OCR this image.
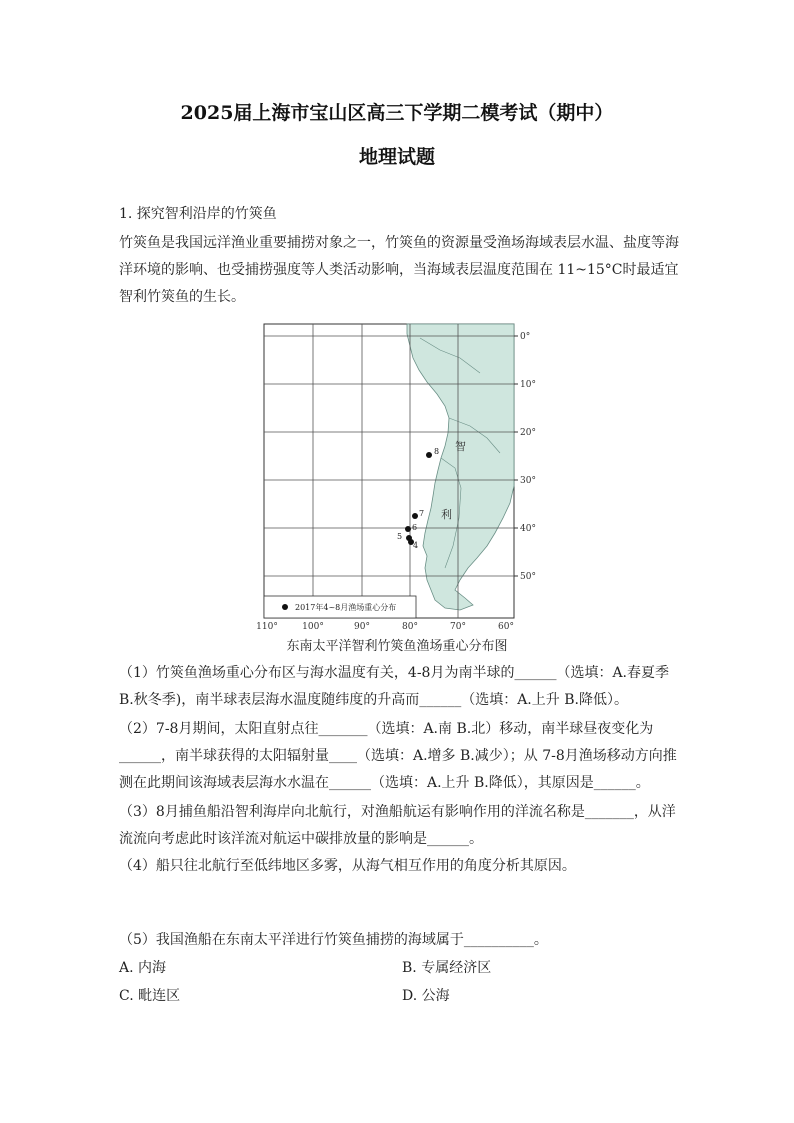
2025届上海市宝山区高三下学期二模考试（期中）
地理试题
1. 探究智利沿岸的竹筴鱼
竹筴鱼是我国远洋渔业重要捕捞对象之一，竹筴鱼的资源量受渔场海域表层水温、盐度等海
洋环境的影响、也受捕捞强度等人类活动影响，当海域表层温度范围在 11~15°C时最适宜
智利竹筴鱼的生长。
0°
10°
20°
30°
40°
50°
110°	100°	90°	80°	70°	60°
智
利
8
7
6
5
4
2017年4~8月渔场重心分布
东南太平洋智利竹筴鱼渔场重心分布图
（1）竹筴鱼渔场重心分布区与海水温度有关，4-8月为南半球的______（选填：A.春夏季
B.秋冬季)，南半球表层海水温度随纬度的升高而______（选填：A.上升 B.降低）。
（2）7-8月期间，太阳直射点往_______（选填：A.南 B.北）移动，南半球昼夜变化为
______，南半球获得的太阳辐射量____（选填：A.增多 B.减少）；从 7-8月渔场移动方向推
测在此期间该海域表层海水水温在______（选填：A.上升 B.降低），其原因是______。
（3）8月捕鱼船沿智利海岸向北航行，对渔船航运有影响作用的洋流名称是_______，从洋
流流向考虑此时该洋流对航运中碳排放量的影响是______。
（4）船只往北航行至低纬地区多雾，从海气相互作用的角度分析其原因。
（5）我国渔船在东南太平洋进行竹筴鱼捕捞的海域属于__________。
A. 内海	B. 专属经济区
C. 毗连区	D. 公海
